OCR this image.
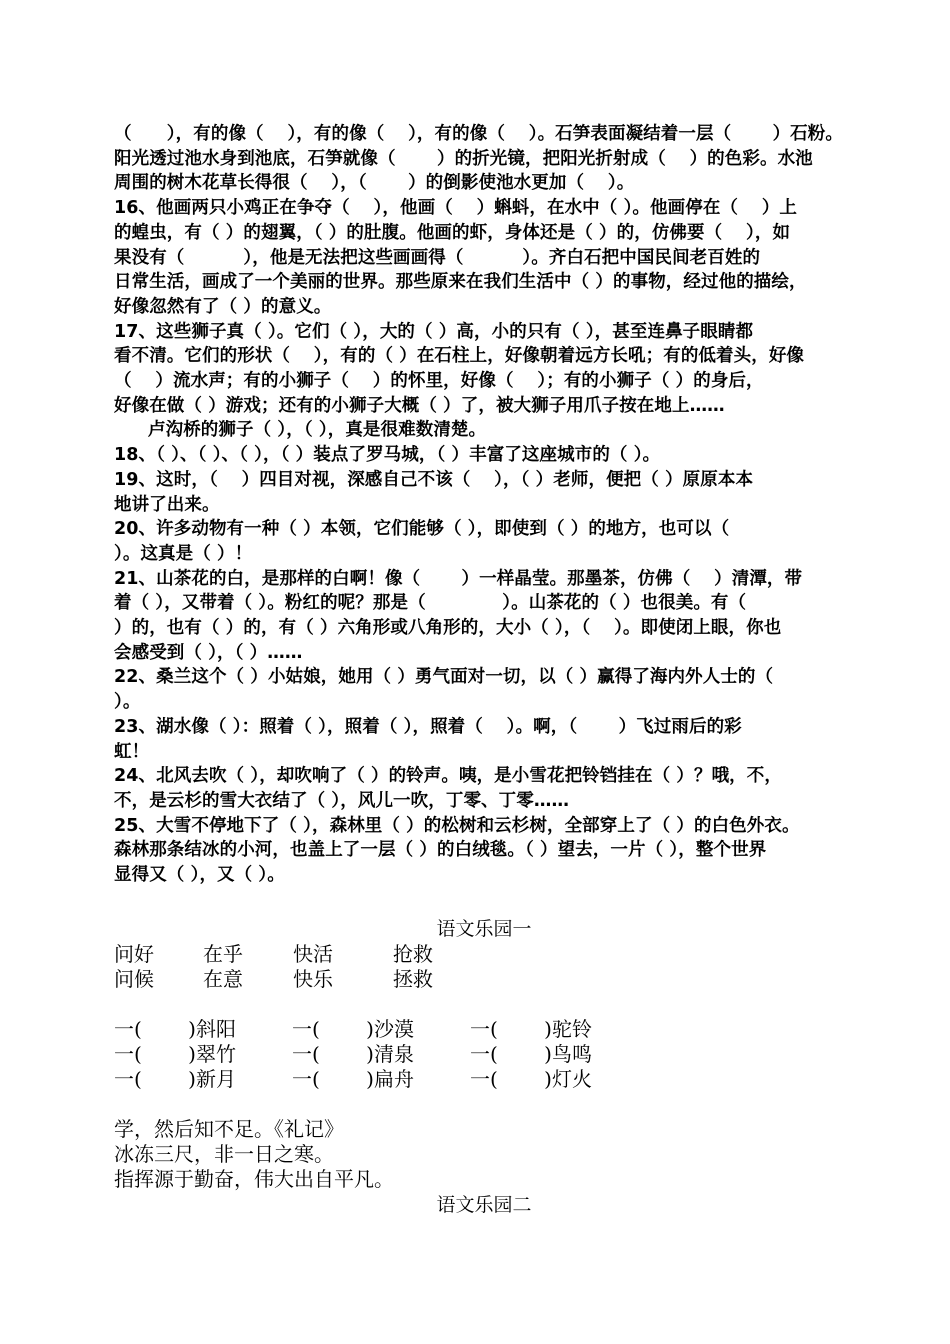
（　　），有的像（　 ），有的像（　 ），有的像（　 ）。石笋表面凝结着一层（　　 ）石粉。

阳光透过池水身到池底，石笋就像（　　 ）的折光镜，把阳光折射成（　 ）的色彩。水池

周围的树木花草长得很（　 ），（　　 ）的倒影使池水更加（　 ）。

16、他画两只小鸡正在争夺（　 ），他画（　 ）蝌蚪，在水中（ ）。他画停在（　 ）上

的蝗虫，有（ ）的翅翼，（ ）的肚腹。他画的虾，身体还是（ ）的，仿佛要（　 ），如

果没有（　　　 ），他是无法把这些画画得（　　　 ）。齐白石把中国民间老百姓的

日常生活，画成了一个美丽的世界。那些原来在我们生活中（ ）的事物，经过他的描绘，

好像忽然有了（ ）的意义。

17、这些狮子真（ ）。它们（ ），大的（ ）高，小的只有（ ），甚至连鼻子眼睛都

看不清。它们的形状（　 ），有的（ ）在石柱上，好像朝着远方长吼；有的低着头，好像

（　 ）流水声；有的小狮子（　 ）的怀里，好像（　 ）；有的小狮子（ ）的身后，

好像在做（ ）游戏；还有的小狮子大概（ ）了，被大狮子用爪子按在地上……

卢沟桥的狮子（ ），（ ），真是很难数清楚。

18、（ ）、（ ）、（ ），（ ）装点了罗马城，（ ）丰富了这座城市的（ ）。

19、这时，（　 ）四目对视，深感自己不该（　 ），（ ）老师，便把（ ）原原本本

地讲了出来。

20、许多动物有一种（ ）本领，它们能够（ ），即使到（ ）的地方，也可以（

）。这真是（ ）！

21、山茶花的白，是那样的白啊！像（　　 ）一样晶莹。那墨茶，仿佛（　 ）清潭，带

着（ ），又带着（ ）。粉红的呢？那是（　　　　 ）。山茶花的（ ）也很美。有（

）的，也有（ ）的，有（ ）六角形或八角形的，大小（ ），（　 ）。即使闭上眼，你也

会感受到（ ），（ ）……

22、桑兰这个（ ）小姑娘，她用（ ）勇气面对一切，以（ ）赢得了海内外人士的（

）。

23、湖水像（ ）：照着（ ），照着（ ），照着（　 ）。啊，（　　 ）飞过雨后的彩

虹！

24、北风去吹（ ），却吹响了（ ）的铃声。咦，是小雪花把铃铛挂在（ ）？哦，不，

不，是云杉的雪大衣结了（ ），风儿一吹，丁零、丁零……

25、大雪不停地下了（ ），森林里（ ）的松树和云杉树，全部穿上了（ ）的白色外衣。

森林那条结冰的小河，也盖上了一层（ ）的白绒毯。（ ）望去，一片（ ），整个世界

显得又（ ），又（ ）。

语文乐园一

问好	在乎	快活	抢救
问候	在意	快乐	拯救
一(　　 )斜阳	一(　　 )沙漠	一(　　 )驼铃
一(　　 )翠竹	一(　　 )清泉	一(　　 )鸟鸣
一(　　 )新月	一(　　 )扁舟	一(　　 )灯火

学，然后知不足。《礼记》

冰冻三尺，非一日之寒。

指挥源于勤奋，伟大出自平凡。

语文乐园二
